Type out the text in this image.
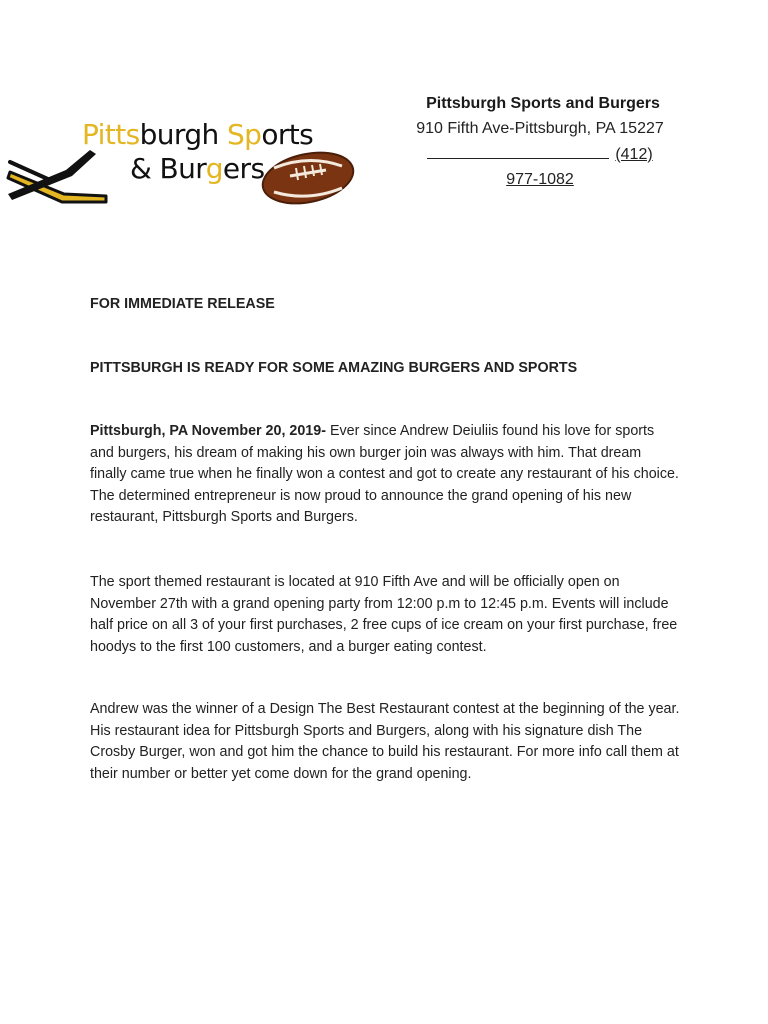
Pittsburgh Sports
& Burgers
Pittsburgh Sports and Burgers
910 Fifth Ave-Pittsburgh, PA 15227
(412)
977-1082
FOR IMMEDIATE RELEASE
PITTSBURGH IS READY FOR SOME AMAZING BURGERS AND SPORTS

Pittsburgh, PA November 20, 2019- Ever since Andrew Deiuliis found his love for sports and burgers, his dream of making his own burger join was always with him. That dream finally came true when he finally won a contest and got to create any restaurant of his choice. The determined entrepreneur is now proud to announce the grand opening of his new restaurant, Pittsburgh Sports and Burgers.

The sport themed restaurant is located at 910 Fifth Ave and will be officially open on November 27th with a grand opening party from 12:00 p.m to 12:45 p.m. Events will include half price on all 3 of your first purchases, 2 free cups of ice cream on your first purchase, free hoodys to the first 100 customers, and a burger eating contest.

Andrew was the winner of a Design The Best Restaurant contest at the beginning of the year. His restaurant idea for Pittsburgh Sports and Burgers, along with his signature dish The Crosby Burger, won and got him the chance to build his restaurant. For more info call them at their number or better yet come down for the grand opening.
